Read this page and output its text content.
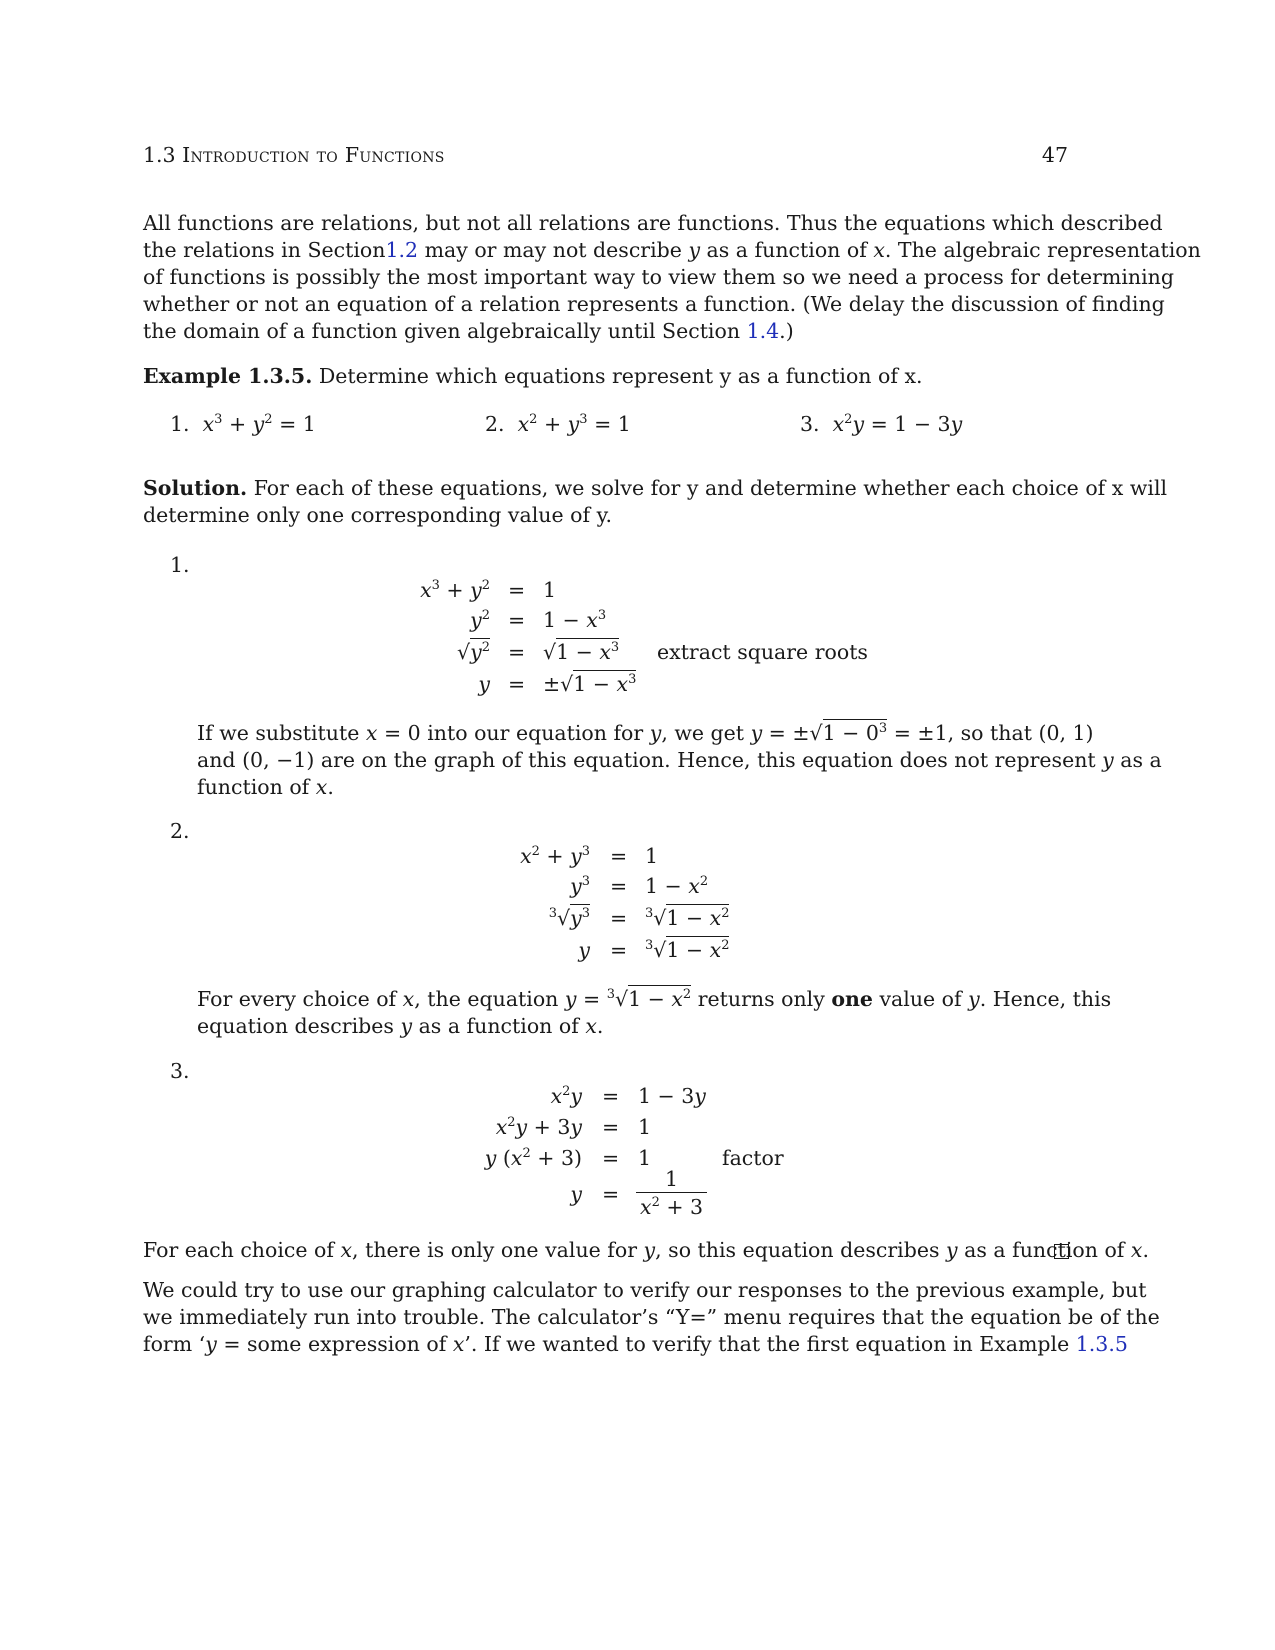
1.3 Introduction to Functions	47
All functions are relations, but not all relations are functions. Thus the equations which described
the relations in Section1.2 may or may not describe y as a function of x. The algebraic representation
of functions is possibly the most important way to view them so we need a process for determining
whether or not an equation of a relation represents a function. (We delay the discussion of finding
the domain of a function given algebraically until Section 1.4.)
Example 1.3.5. Determine which equations represent y as a function of x.
1. $x^3 + y^2 = 1$	2. $x^2 + y^3 = 1$	3. $x^2y = 1 - 3y$
Solution. For each of these equations, we solve for y and determine whether each choice of x will
determine only one corresponding value of y.
1.
$x^3 + y^2 = 1$
$y^2 = 1 - x^3$
$√y^2 = √1 - x^3$ extract square roots
$y = \pm√1 - x^3$
If we substitute x = 0 into our equation for y, we get $y = \pm√1 - 0^3 = \pm 1$, so that (0, 1)
and (0, −1) are on the graph of this equation. Hence, this equation does not represent y as a
function of x.
2.
$x^2 + y^3 = 1$
$y^3 = 1 - x^2$
$^3√y^3 = ^3√1 - x^2$
$y = ^3√1 - x^2$
For every choice of x, the equation $y = ^3√1 - x^2$ returns only one value of y. Hence, this
equation describes y as a function of x.
3.
$x^2y = 1 - 3y$
$x^2y + 3y = 1$
y $(x^2 + 3) = 1$	factor
$y = \frac{1}{x^2 + 3}$
For each choice of x, there is only one value for y, so this equation describes y as a function of x.
We could try to use our graphing calculator to verify our responses to the previous example, but
we immediately run into trouble. The calculator’s “Y=” menu requires that the equation be of the
form ‘y = some expression of x’. If we wanted to verify that the first equation in Example 1.3.5
